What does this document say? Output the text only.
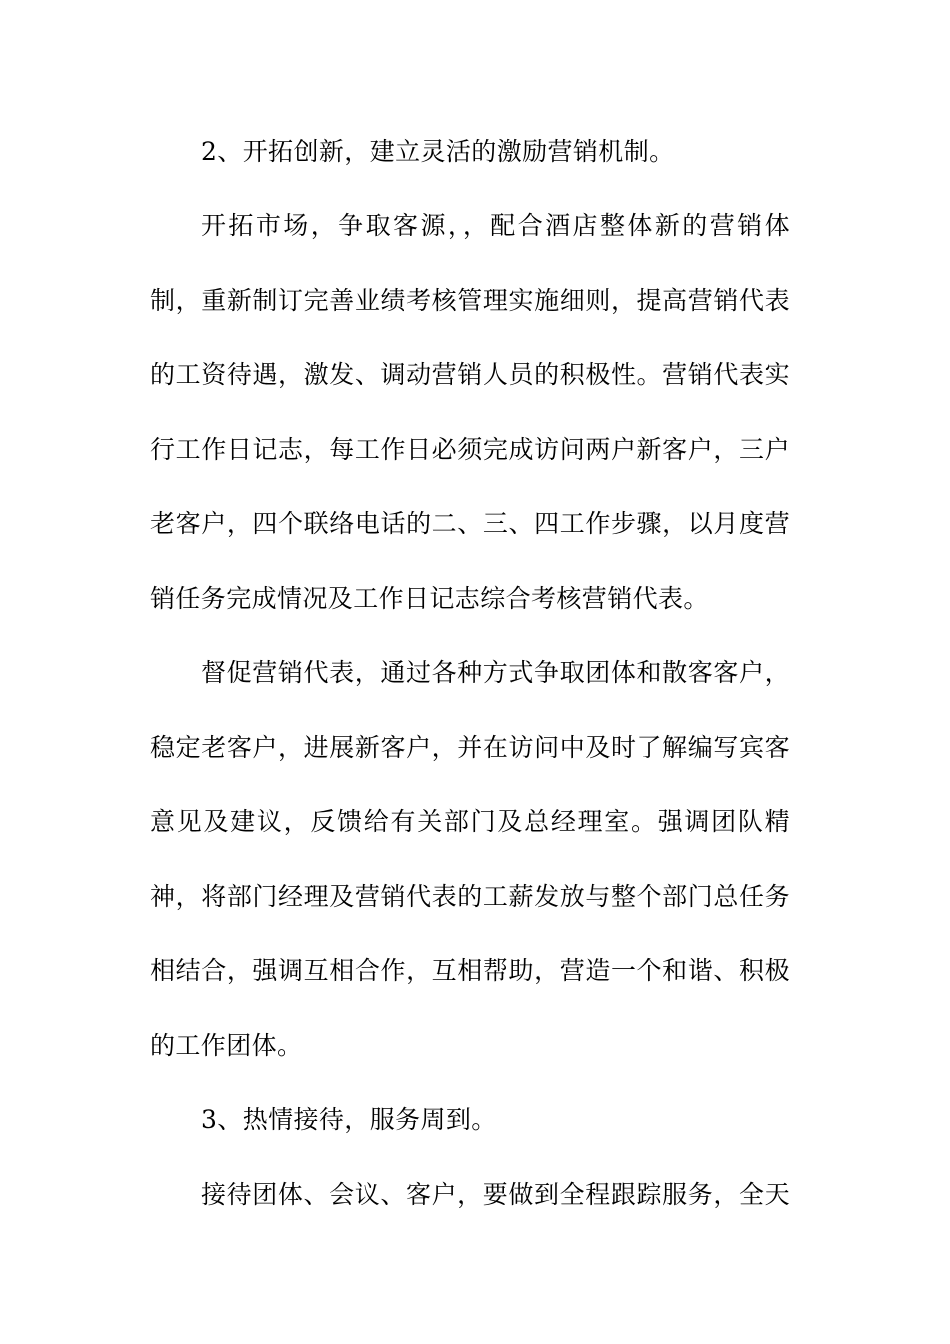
2、开拓创新，建立灵活的激励营销机制。
开拓市场，争取客源，，配合酒店整体新的营销体
制，重新制订完善业绩考核管理实施细则，提高营销代表
的工资待遇，激发、调动营销人员的积极性。营销代表实
行工作日记志，每工作日必须完成访问两户新客户，三户
老客户，四个联络电话的二、三、四工作步骤，以月度营
销任务完成情况及工作日记志综合考核营销代表。
督促营销代表，通过各种方式争取团体和散客客户，
稳定老客户，进展新客户，并在访问中及时了解编写宾客
意见及建议，反馈给有关部门及总经理室。强调团队精
神，将部门经理及营销代表的工薪发放与整个部门总任务
相结合，强调互相合作，互相帮助，营造一个和谐、积极
的工作团体。
3、热情接待，服务周到。
接待团体、会议、客户，要做到全程跟踪服务，全天
